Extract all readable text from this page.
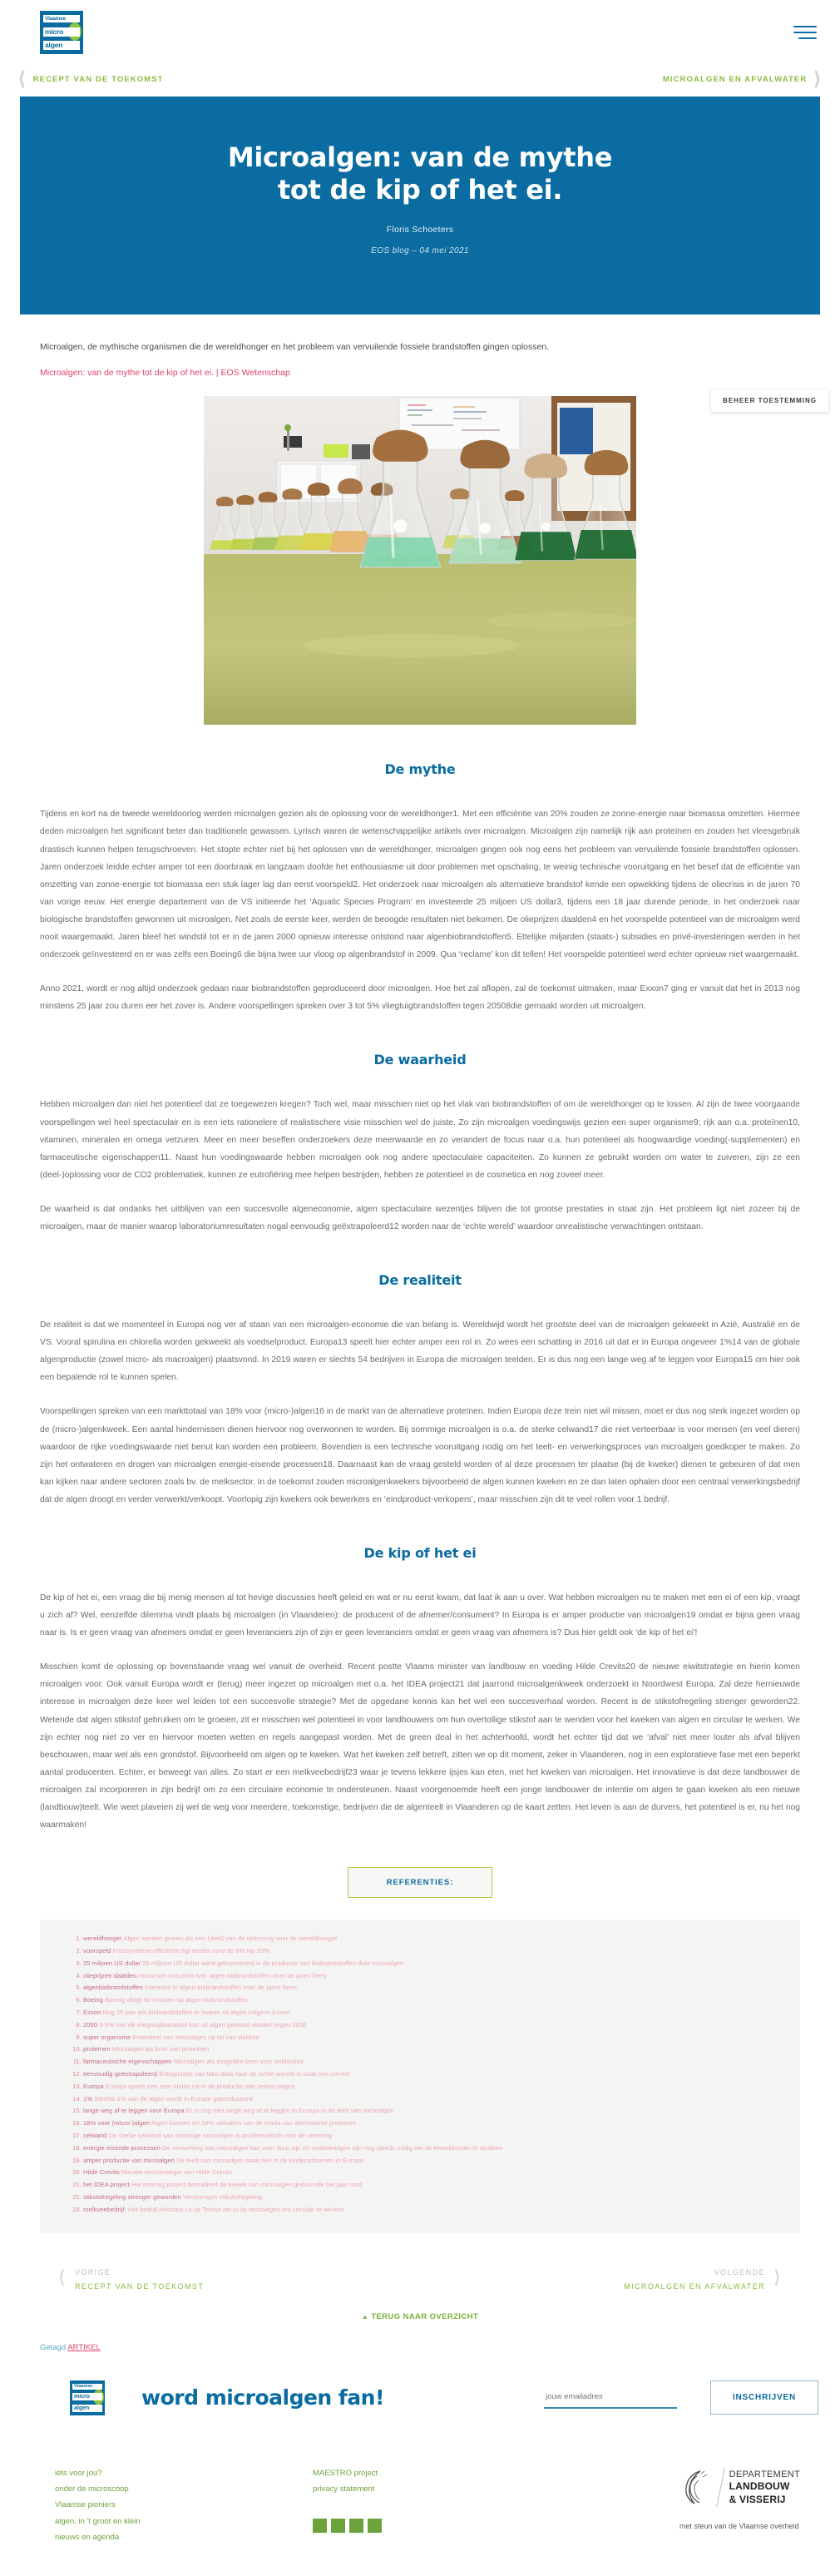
Vlaamse
micro
algen
⟨ RECEPT VAN DE TOEKOMST	MICROALGEN EN AFVALWATER ⟩
Microalgen: van de mythe tot de kip of het ei.

Floris Schoeters

EOS blog – 04 mei 2021

Microalgen, de mythische organismen die de wereldhonger en het probleem van vervuilende fossiele brandstoffen gingen oplossen.

Microalgen: van de mythe tot de kip of het ei. | EOS Wetenschap
BEHEER TOESTEMMING
De mythe

Tijdens en kort na de tweede wereldoorlog werden microalgen gezien als de oplossing voor de wereldhonger1. Met een efficiëntie van 20% zouden ze zonne-energie naar biomassa omzetten. Hiermee deden microalgen het significant beter dan traditionele gewassen. Lyrisch waren de wetenschappelijke artikels over microalgen. Microalgen zijn namelijk rijk aan proteïnen en zouden het vleesgebruik drastisch kunnen helpen terugschroeven. Het stopte echter niet bij het oplossen van de wereldhonger, microalgen gingen ook nog eens het probleem van vervuilende fossiele brandstoffen oplossen. Jaren onderzoek leidde echter amper tot een doorbraak en langzaam doofde het enthousiasme uit door problemen met opschaling, te weinig technische vooruitgang en het besef dat de efficiëntie van omzetting van zonne-energie tot biomassa een stuk lager lag dan eerst voorspeld2. Het onderzoek naar microalgen als alternatieve brandstof kende een opwekking tijdens de oliecrisis in de jaren 70 van vorige eeuw. Het energie departement van de VS initieerde het ‘Aquatic Species Program’ en investeerde 25 miljoen US dollar3, tijdens een 18 jaar durende periode, in het onderzoek naar biologische brandstoffen gewonnen uit microalgen. Net zoals de eerste keer, werden de beoogde resultaten niet bekomen. De olieprijzen daalden4 en het voorspelde potentieel van de microalgen werd nooit waargemaakt. Jaren bleef het windstil tot er in de jaren 2000 opnieuw interesse ontstond naar algenbiobrandstoffen5. Ettelijke miljarden (staats-) subsidies en privé-investeringen werden in het onderzoek geïnvesteerd en er was zelfs een Boeing6 die bijna twee uur vloog op algenbrandstof in 2009. Qua ‘reclame’ kon dit tellen! Het voorspelde potentieel werd echter opnieuw niet waargemaakt.

Anno 2021, wordt er nog altijd onderzoek gedaan naar biobrandstoffen geproduceerd door microalgen. Hoe het zal aflopen, zal de toekomst uitmaken, maar Exxon7 ging er vanuit dat het in 2013 nog minstens 25 jaar zou duren eer het zover is. Andere voorspellingen spreken over 3 tot 5% vliegtuigbrandstoffen tegen 20508die gemaakt worden uit microalgen.

De waarheid

Hebben microalgen dan niet het potentieel dat ze toegewezen kregen? Toch wel, maar misschien niet op het vlak van biobrandstoffen of om de wereldhonger op te lossen. Al zijn de twee voorgaande voorspellingen wel heel spectaculair en is een iets rationelere of realistischere visie misschien wel de juiste. Zo zijn microalgen voedingswijs gezien een super organisme9; rijk aan o.a. proteïnen10, vitaminen, mineralen en omega vetzuren. Meer en meer beseffen onderzoekers deze meerwaarde en zo verandert de focus naar o.a. hun potentieel als hoogwaardige voeding(-supplementen) en farmaceutische eigenschappen11. Naast hun voedingswaarde hebben microalgen ook nog andere spectaculaire capaciteiten. Zo kunnen ze gebruikt worden om water te zuiveren, zijn ze een (deel-)oplossing voor de CO2 problematiek, kunnen ze eutrofiëring mee helpen bestrijden, hebben ze potentieel in de cosmetica en nog zoveel meer.

De waarheid is dat ondanks het uitblijven van een succesvolle algeneconomie, algen spectaculaire wezentjes blijven die tot grootse prestaties in staat zijn. Het probleem ligt niet zozeer bij de microalgen, maar de manier waarop laboratoriumresultaten nogal eenvoudig geëxtrapoleerd12 worden naar de ‘echte wereld’ waardoor onrealistische verwachtingen ontstaan.

De realiteit

De realiteit is dat we momenteel in Europa nog ver af staan van een microalgen-economie die van belang is. Wereldwijd wordt het grootste deel van de microalgen gekweekt in Azië, Australië en de VS. Vooral spirulina en chlorella worden gekweekt als voedselproduct. Europa13 speelt hier echter amper een rol in. Zo wees een schatting in 2016 uit dat er in Europa ongeveer 1%14 van de globale algenproductie (zowel micro- als macroalgen) plaatsvond. In 2019 waren er slechts 54 bedrijven in Europa die microalgen teelden. Er is dus nog een lange weg af te leggen voor Europa15 om hier ook een bepalende rol te kunnen spelen.

Voorspellingen spreken van een markttotaal van 18% voor (micro-)algen16 in de markt van de alternatieve proteïnen. Indien Europa deze trein niet wil missen, moet er dus nog sterk ingezet worden op de (micro-)algenkweek. Een aantal hindernissen dienen hiervoor nog overwonnen te worden. Bij sommige microalgen is o.a. de sterke celwand17 die niet verteerbaar is voor mensen (en veel dieren) waardoor de rijke voedingswaarde niet benut kan worden een probleem. Bovendien is een technische vooruitgang nodig om het teelt- en verwerkingsproces van microalgen goedkoper te maken. Zo zijn het ontwateren en drogen van microalgen energie-eisende processen18. Daarnaast kan de vraag gesteld worden of al deze processen ter plaatse (bij de kweker) dienen te gebeuren of dat men kan kijken naar andere sectoren zoals bv. de melksector. In de toekomst zouden microalgenkwekers bijvoorbeeld de algen kunnen kweken en ze dan laten ophalen door een centraal verwerkingsbedrijf dat de algen droogt en verder verwerkt/verkoopt. Voorlopig zijn kwekers ook bewerkers en ‘eindproduct-verkopers’, maar misschien zijn dit te veel rollen voor 1 bedrijf.

De kip of het ei

De kip of het ei, een vraag die bij menig mensen al tot hevige discussies heeft geleid en wat er nu eerst kwam, dat laat ik aan u over. Wat hebben microalgen nu te maken met een ei of een kip, vraagt u zich af? Wel, eenzelfde dilemma vindt plaats bij microalgen (in Vlaanderen): de producent of de afnemer/consument? In Europa is er amper productie van microalgen19 omdat er bijna geen vraag naar is. Is er geen vraag van afnemers omdat er geen leveranciers zijn of zijn er geen leveranciers omdat er geen vraag van afnemers is? Dus hier geldt ook ‘de kip of het ei’!

Misschien komt de oplossing op bovenstaande vraag wel vanuit de overheid. Recent postte Vlaams minister van landbouw en voeding Hilde Crevits20 de nieuwe eiwitstrategie en hierin komen microalgen voor. Ook vanuit Europa wordt er (terug) meer ingezet op microalgen met o.a. het IDEA project21 dat jaarrond microalgenkweek onderzoekt in Noordwest Europa. Zal deze hernieuwde interesse in microalgen deze keer wel leiden tot een succesvolle strategie? Met de opgedane kennis kan het wel een succesverhaal worden. Recent is de stikstofregeling strenger geworden22. Wetende dat algen stikstof gebruiken om te groeien, zit er misschien wel potentieel in voor landbouwers om hun overtollige stikstof aan te wenden voor het kweken van algen en circulair te werken. We zijn echter nog niet zo ver en hiervoor moeten wetten en regels aangepast worden. Met de green deal in het achterhoofd, wordt het echter tijd dat we ‘afval’ niet meer louter als afval blijven beschouwen, maar wel als een grondstof. Bijvoorbeeld om algen op te kweken. Wat het kweken zelf betreft, zitten we op dit moment, zeker in Vlaanderen, nog in een exploratieve fase met een beperkt aantal producenten. Echter, er beweegt van alles. Zo start er een melkveebedrijf23 waar je tevens lekkere ijsjes kan eten, met het kweken van microalgen. Het innovatieve is dat deze landbouwer de microalgen zal incorporeren in zijn bedrijf om zo een circulaire economie te ondersteunen. Naast voorgenoemde heeft een jonge landbouwer de intentie om algen te gaan kweken als een nieuwe (landbouw)teelt. Wie weet plaveien zij wel de weg voor meerdere, toekomstige, bedrijven die de algenteelt in Vlaanderen op de kaart zetten. Het leven is aan de durvers, het potentieel is er, nu het nog waarmaken!

REFERENTIES:
1. wereldhonger Algen werden gezien als een (deel) van de oplossing voor de wereldhonger
2. voorspeld Fotosynthese efficiëntie ligt eerder rond de 8% ivp 20%
3. 25 miljoen US dollar 25 miljoen US dollar werd geïnvesteerd in de productie van biobrandstoffen door microalgen
4. olieprijzen daalden Historisch overzicht ivm. algen-biobrandstoffen over de jaren heen
5. algenbiobrandstoffen Interesse in algen-biobrandstoffen over de jaren heen.
6. Boeing Boeing vliegt 90 minuten op algen-biobrandstoffen
7. Exxon Nog 25 jaar om biobrandstoffen te maken uit algen volgens Exxon
8. 2050 3-5% van de vliegtuigbrandstof kan uit algen gehaald worden tegen 2050
9. super organisme Potentieel van microalgen op tal van vlakken
10. proteïnen Microalgen als bron van proteïnen.
11. farmaceutische eigenschappen Microalgen als mogelijke bron voor antibiotica
12. eenvoudig geëxtrapoleerd Extrapolatie van labo data naar de echte wereld is vaak niet correct
13. Europa Europa speelt een zeer kleine rol in de productie van (micro-)algen
14. 1% Slechts 1% van de algen wordt in Europe geproduceerd
15. lange weg af te leggen voor Europa Er is nog een lange weg af te leggen in Europa in de teelt van microalgen
16. 18% voor (micro-)algen Algen kunnen tot 18% uitmaken van de markt van alternatieve proteinen
17. celwand De sterke celwand van sommige microalgen is problematisch voor de vertering
18. energie-eisende processen De verwerking van microalgen kan zeer duur zijn en verbeteringen zijn nog steeds nodig om de kweekkosten te drukken
19. amper productie van microalgen De teelt van microalgen staat niet in de kinderschoenen in Europa
20. Hilde Crevits Nieuwe eiwitstrategie van Hilde Crevits
21. het IDEA project Het interreg project bestudeert de kweek van microalgen gedurende het jaar rond.
22. stikstofregeling strenger geworden Verstrengen stikstofregeling
23. melkveebedrijf, Het bedrijf Heirbaut Lv uit Temse zet in op microalgen om circulair te werken
⟨ VORIGE
RECEPT VAN DE TOEKOMST
VOLGENDE
MICROALGEN EN AFVALWATER ⟩
▲ TERUG NAAR OVERZICHT
Getagd ARTIKEL
Vlaamse
micro
algen	word microalgen fan!
jouw emailadres	INSCHRIJVEN
iets voor jou?
onder de microscoop
Vlaamse pioniers
algen, in 't groot en klein
nieuws en agenda
MAESTRO project
privacy statement
in	▢	у	f
DEPARTEMENT
LANDBOUW
& VISSERIJ
met steun van de Vlaamse overheid
